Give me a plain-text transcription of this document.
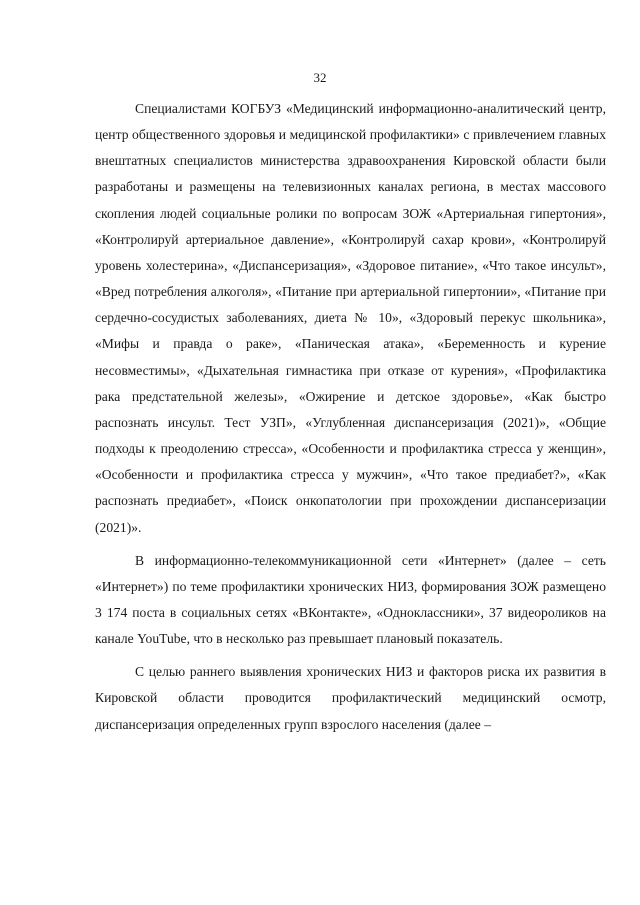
32

Специалистами КОГБУЗ «Медицинский информационно-аналитический центр, центр общественного здоровья и медицинской профилактики» с привлечением главных внештатных специалистов министерства здравоохранения Кировской области были разработаны и размещены на телевизионных каналах региона, в местах массового скопления людей социальные ролики по вопросам ЗОЖ «Артериальная гипертония», «Контролируй артериальное давление», «Контролируй сахар крови», «Контролируй уровень холестерина», «Диспансеризация», «Здоровое питание», «Что такое инсульт», «Вред потребления алкоголя», «Питание при артериальной гипертонии», «Питание при сердечно-сосудистых заболеваниях, диета № 10», «Здоровый перекус школьника», «Мифы и правда о раке», «Паническая атака», «Беременность и курение несовместимы», «Дыхательная гимнастика при отказе от курения», «Профилактика рака предстательной железы», «Ожирение и детское здоровье», «Как быстро распознать инсульт. Тест УЗП», «Углубленная диспансеризация (2021)», «Общие подходы к преодолению стресса», «Особенности и профилактика стресса у женщин», «Особенности и профилактика стресса у мужчин», «Что такое предиабет?», «Как распознать предиабет», «Поиск онкопатологии при прохождении диспансеризации (2021)».

В информационно-телекоммуникационной сети «Интернет» (далее – сеть «Интернет») по теме профилактики хронических НИЗ, формирования ЗОЖ размещено 3 174 поста в социальных сетях «ВКонтакте», «Одноклассники», 37 видеороликов на канале YouTube, что в несколько раз превышает плановый показатель.

С целью раннего выявления хронических НИЗ и факторов риска их развития в Кировской области проводится профилактический медицинский осмотр, диспансеризация определенных групп взрослого населения (далее –
